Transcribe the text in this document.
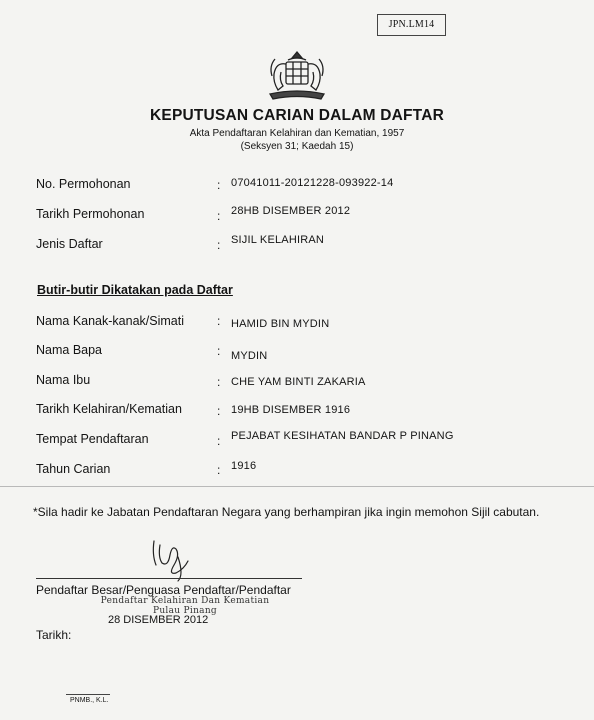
JPN.LM14
KEPUTUSAN CARIAN DALAM DAFTAR
Akta Pendaftaran Kelahiran dan Kematian, 1957
(Seksyen 31; Kaedah 15)
No. Permohonan	: 07041011-20121228-093922-14
Tarikh Permohonan	: 28HB DISEMBER 2012
Jenis Daftar	: SIJIL KELAHIRAN
Butir-butir Dikatakan pada Daftar
Nama Kanak-kanak/Simati	: HAMID BIN MYDIN
Nama Bapa	: MYDIN
Nama Ibu	: CHE YAM BINTI ZAKARIA
Tarikh Kelahiran/Kematian	: 19HB DISEMBER 1916
Tempat Pendaftaran	: PEJABAT KESIHATAN BANDAR P PINANG
Tahun Carian	: 1916
*Sila hadir ke Jabatan Pendaftaran Negara yang berhampiran jika ingin memohon Sijil cabutan.
Pendaftar Besar/Penguasa Pendaftar/Pendaftar
Pendaftar Kelahiran Dan Kematian
Pulau Pinang
28 DISEMBER 2012
Tarikh:
PNMB., K.L.
